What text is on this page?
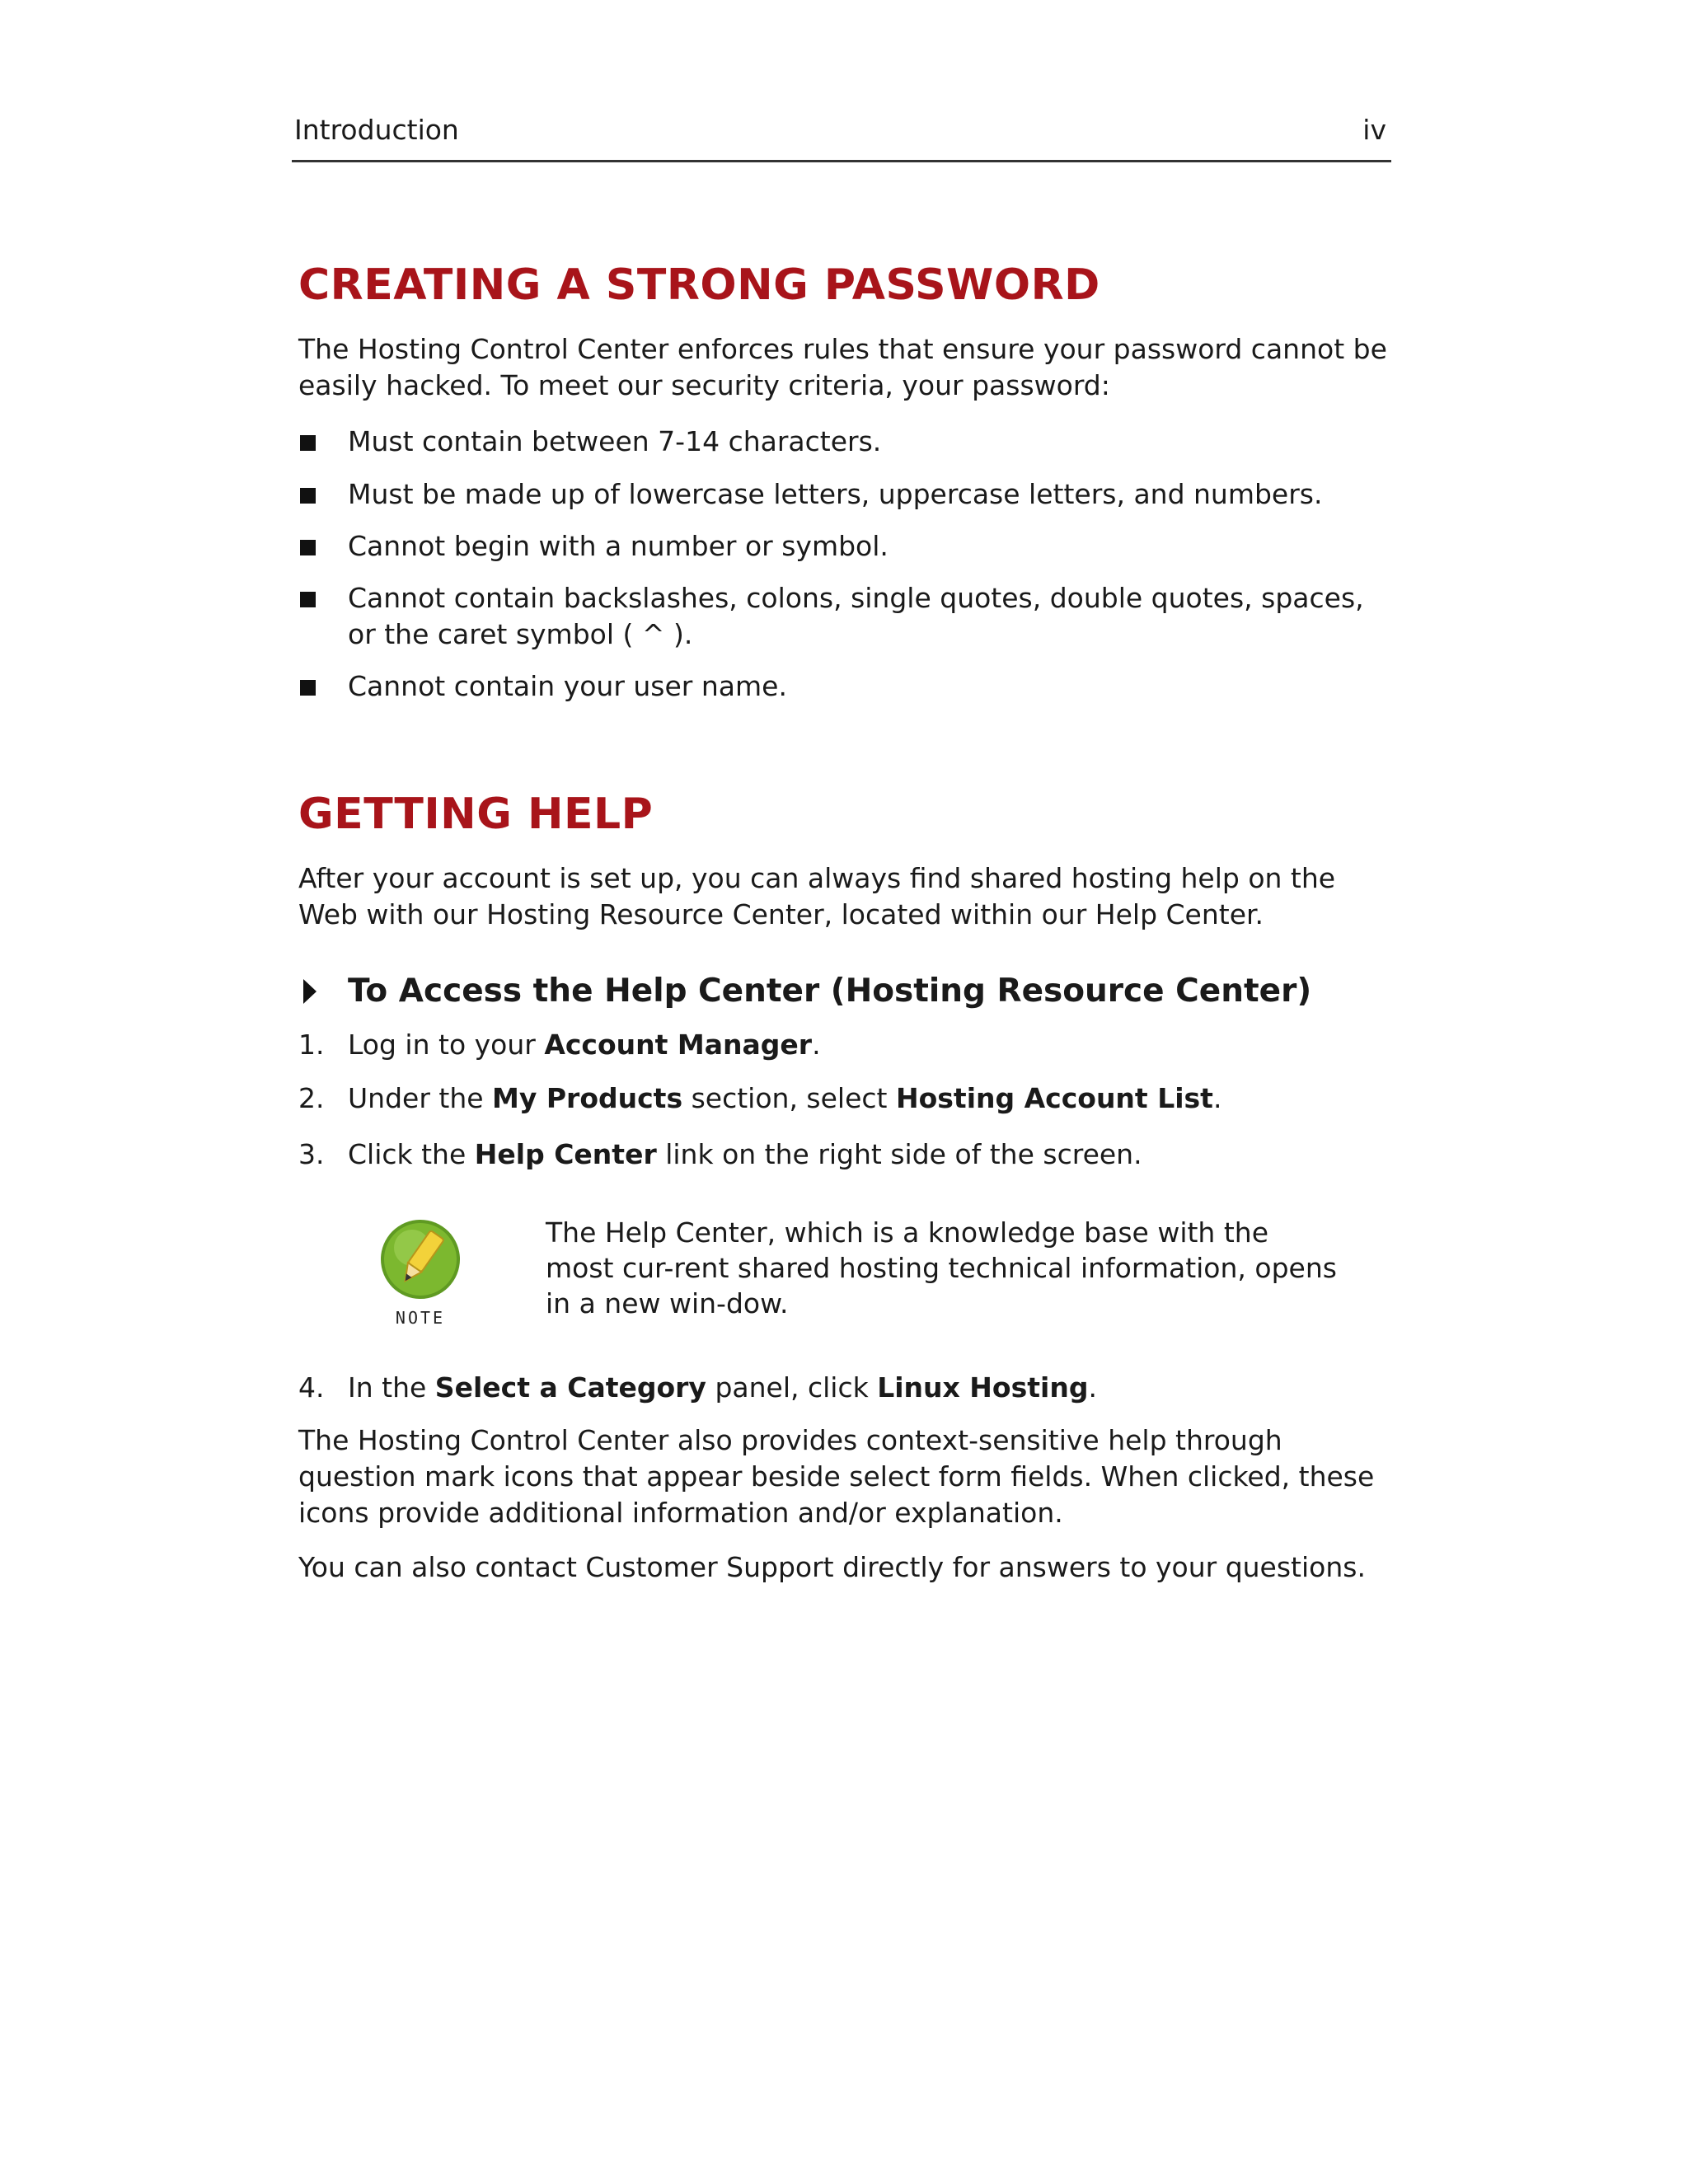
Introduction	iv
CREATING A STRONG PASSWORD

The Hosting Control Center enforces rules that ensure your password cannot be easily hacked. To meet our security criteria, your password:

Must contain between 7-14 characters.
Must be made up of lowercase letters, uppercase letters, and numbers.
Cannot begin with a number or symbol.
Cannot contain backslashes, colons, single quotes, double quotes, spaces, or the caret symbol ( ^ ).
Cannot contain your user name.
GETTING HELP

After your account is set up, you can always find shared hosting help on the Web with our Hosting Resource Center, located within our Help Center.

To Access the Help Center (Hosting Resource Center)
1. Log in to your Account Manager.
2. Under the My Products section, select Hosting Account List.
3. Click the Help Center link on the right side of the screen.
NOTE

The Help Center, which is a knowledge base with the most cur-rent shared hosting technical information, opens in a new win-dow.

4. In the Select a Category panel, click Linux Hosting.

The Hosting Control Center also provides context-sensitive help through question mark icons that appear beside select form fields. When clicked, these icons provide additional information and/or explanation.

You can also contact Customer Support directly for answers to your questions.
